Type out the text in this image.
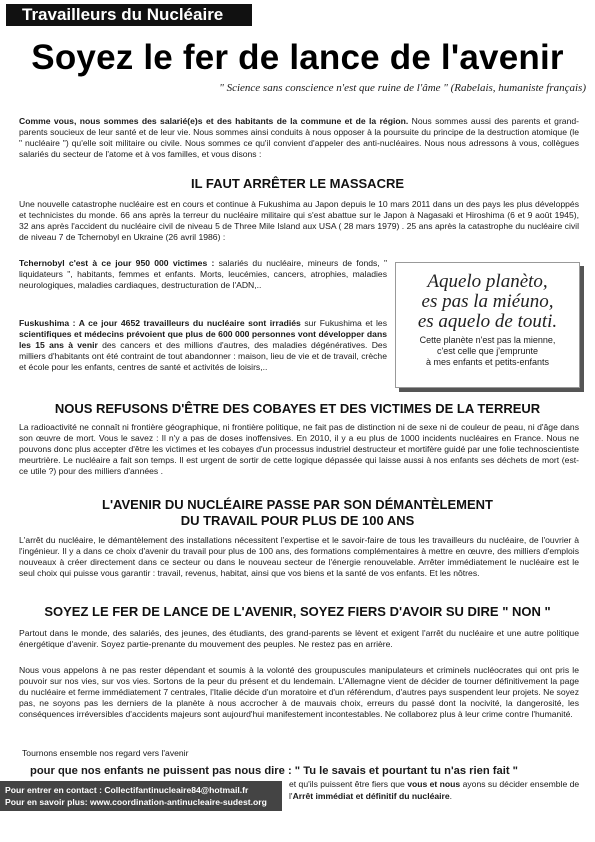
Travailleurs du Nucléaire
Soyez le fer de lance de l'avenir
" Science sans conscience n'est que ruine de l'âme " (Rabelais, humaniste français)
Comme vous, nous sommes des salarié(e)s et des habitants de la commune et de la région. Nous sommes aussi des parents et grand-parents soucieux de leur santé et de leur vie. Nous sommes ainsi conduits à nous opposer à la poursuite du principe de la destruction atomique (le " nucléaire ") qu'elle soit militaire ou civile. Nous sommes ce qu'il convient d'appeler des anti-nucléaires. Nous nous adressons à vous, collègues salariés du secteur de l'atome et à vos familles, et vous disons :
IL FAUT ARRÊTER LE MASSACRE
Une nouvelle catastrophe nucléaire est en cours et continue à Fukushima au Japon depuis le 10 mars 2011 dans un des pays les plus développés et technicistes du monde. 66 ans après la terreur du nucléaire militaire qui s'est abattue sur le Japon à Nagasaki et Hiroshima (6 et 9 août 1945), 32 ans après l'accident du nucléaire civil de niveau 5 de Three Mile Island aux USA ( 28 mars 1979) . 25 ans après la catastrophe du nucléaire civil de niveau 7 de Tchernobyl en Ukraine (26 avril 1986) :
Tchernobyl c'est à ce jour 950 000 victimes : salariés du nucléaire, mineurs de fonds, " liquidateurs ", habitants, femmes et enfants. Morts, leucémies, cancers, atrophies, maladies neurologiques, maladies cardiaques, destructuration de l'ADN,..
Fuskushima : A ce jour 4652 travailleurs du nucléaire sont irradiés sur Fukushima et les scientifiques et médecins prévoient que plus de 600 000 personnes vont développer dans les 15 ans à venir des cancers et des millions d'autres, des maladies dégénératives. Des milliers d'habitants ont été contraint de tout abandonner : maison, lieu de vie et de travail, crèche et école pour les enfants, centres de santé et activités de loisirs,..
Aquelo planèto,
es pas la miéuno,
es aquelo de touti.
Cette planète n'est pas la mienne,
c'est celle que j'emprunte
à mes enfants et petits-enfants
NOUS REFUSONS D'ÊTRE DES COBAYES ET DES VICTIMES DE LA TERREUR
La radioactivité ne connaît ni frontière géographique, ni frontière politique, ne fait pas de distinction ni de sexe ni de couleur de peau, ni d'âge dans son œuvre de mort. Vous le savez : Il n'y a pas de doses inoffensives. En 2010, il y a eu plus de 1000 incidents nucléaires en France. Nous ne pouvons donc plus accepter d'être les victimes et les cobayes d'un processus industriel destructeur et mortifère guidé par une folie technoscientiste meurtrière. Le nucléaire a fait son temps. Il est urgent de sortir de cette logique dépassée qui laisse aussi à nos enfants ses déchets de mort (est-ce utile ?) pour des milliers d'années .
L'AVENIR DU NUCLÉAIRE PASSE PAR SON DÉMANTÈLEMENT
DU TRAVAIL POUR PLUS DE 100 ANS
L'arrêt du nucléaire, le démantèlement des installations nécessitent l'expertise et le savoir-faire de tous les travailleurs du nucléaire, de l'ouvrier à l'ingénieur. Il y a dans ce choix d'avenir du travail pour plus de 100 ans, des formations complémentaires à mettre en œuvre, des milliers d'emplois nouveaux à créer directement dans ce secteur ou dans le nouveau secteur de l'énergie renouvelable. Arrêter immédiatement le nucléaire est le seul choix qui puisse vous garantir : travail, revenus, habitat, ainsi que vos biens et la santé de vos enfants. Et les nôtres.
SOYEZ LE FER DE LANCE DE L'AVENIR, SOYEZ FIERS D'AVOIR SU DIRE " NON "
Partout dans le monde, des salariés, des jeunes, des étudiants, des grand-parents se lèvent et exigent l'arrêt du nucléaire et une autre politique énergétique d'avenir. Soyez partie-prenante du mouvement des peuples. Ne restez pas en arrière.
Nous vous appelons à ne pas rester dépendant et soumis à la volonté des groupuscules manipulateurs et criminels nucléocrates qui ont pris le pouvoir sur nos vies, sur vos vies. Sortons de la peur du présent et du lendemain. L'Allemagne vient de décider de tourner définitivement la page du nucléaire et ferme immédiatement 7 centrales, l'Italie décide d'un moratoire et d'un référendum, d'autres pays suspendent leur projets. Ne soyez pas, ne soyons pas les derniers de la planète à nous accrocher à de mauvais choix, erreurs du passé dont la nocivité, la dangerosité, les conséquences irréversibles d'accidents majeurs sont aujourd'hui manifestement incontestables. Ne collaborez plus à leur crime contre l'humanité.
Tournons ensemble nos regard vers l'avenir
pour que nos enfants ne puissent pas nous dire : " Tu le savais et pourtant tu n'as rien fait "
et qu'ils puissent être fiers que vous et nous ayons su décider ensemble de l'Arrêt immédiat et définitif du nucléaire.
Pour entrer en contact : Collectifantinucleaire84@hotmail.fr
Pour en savoir plus: www.coordination-antinucleaire-sudest.org
